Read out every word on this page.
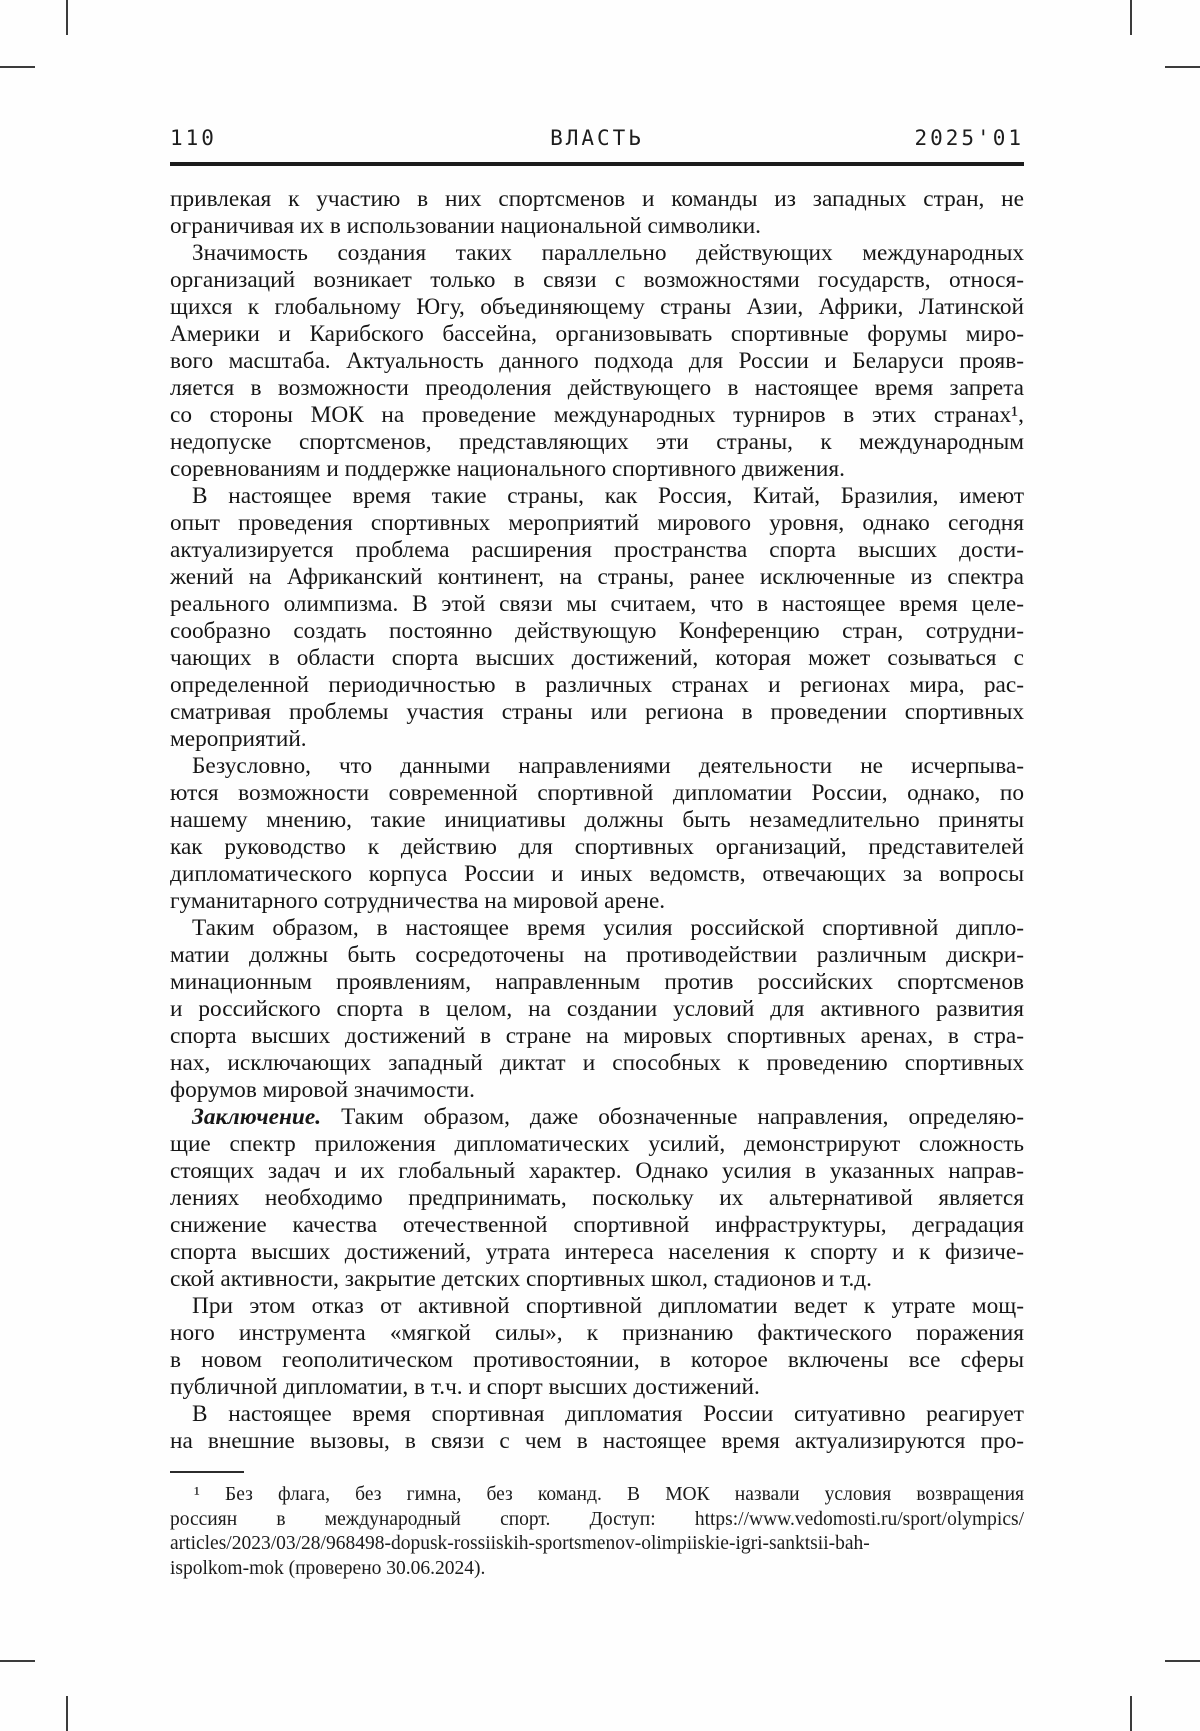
110	ВЛАСТЬ	2025'01

привлекая к участию в них спортсменов и команды из западных стран, не
ограничивая их в использовании национальной символики.

Значимость создания таких параллельно действующих международных
организаций возникает только в связи с возможностями государств, относя-
щихся к глобальному Югу, объединяющему страны Азии, Африки, Латинской
Америки и Карибского бассейна, организовывать спортивные форумы миро-
вого масштаба. Актуальность данного подхода для России и Беларуси прояв-
ляется в возможности преодоления действующего в настоящее время запрета
со стороны МОК на проведение международных турниров в этих странах¹,
недопуске спортсменов, представляющих эти страны, к международным
соревнованиям и поддержке национального спортивного движения.

В настоящее время такие страны, как Россия, Китай, Бразилия, имеют
опыт проведения спортивных мероприятий мирового уровня, однако сегодня
актуализируется проблема расширения пространства спорта высших дости-
жений на Африканский континент, на страны, ранее исключенные из спектра
реального олимпизма. В этой связи мы считаем, что в настоящее время целе-
сообразно создать постоянно действующую Конференцию стран, сотрудни-
чающих в области спорта высших достижений, которая может созываться с
определенной периодичностью в различных странах и регионах мира, рас-
сматривая проблемы участия страны или региона в проведении спортивных
мероприятий.

Безусловно, что данными направлениями деятельности не исчерпыва-
ются возможности современной спортивной дипломатии России, однако, по
нашему мнению, такие инициативы должны быть незамедлительно приняты
как руководство к действию для спортивных организаций, представителей
дипломатического корпуса России и иных ведомств, отвечающих за вопросы
гуманитарного сотрудничества на мировой арене.

Таким образом, в настоящее время усилия российской спортивной дипло-
матии должны быть сосредоточены на противодействии различным дискри-
минационным проявлениям, направленным против российских спортсменов
и российского спорта в целом, на создании условий для активного развития
спорта высших достижений в стране на мировых спортивных аренах, в стра-
нах, исключающих западный диктат и способных к проведению спортивных
форумов мировой значимости.

Заключение. Таким образом, даже обозначенные направления, определяю-
щие спектр приложения дипломатических усилий, демонстрируют сложность
стоящих задач и их глобальный характер. Однако усилия в указанных направ-
лениях необходимо предпринимать, поскольку их альтернативой является
снижение качества отечественной спортивной инфраструктуры, деградация
спорта высших достижений, утрата интереса населения к спорту и к физиче-
ской активности, закрытие детских спортивных школ, стадионов и т.д.

При этом отказ от активной спортивной дипломатии ведет к утрате мощ-
ного инструмента «мягкой силы», к признанию фактического поражения
в новом геополитическом противостоянии, в которое включены все сферы
публичной дипломатии, в т.ч. и спорт высших достижений.

В настоящее время спортивная дипломатия России ситуативно реагирует
на внешние вызовы, в связи с чем в настоящее время актуализируются про-

¹ Без флага, без гимна, без команд. В МОК назвали условия возвращения
россиян в международный спорт. Доступ: https://www.vedomosti.ru/sport/olympics/
articles/2023/03/28/968498-dopusk-rossiiskih-sportsmenov-olimpiiskie-igri-sanktsii-bah-
ispolkom-mok (проверено 30.06.2024).
